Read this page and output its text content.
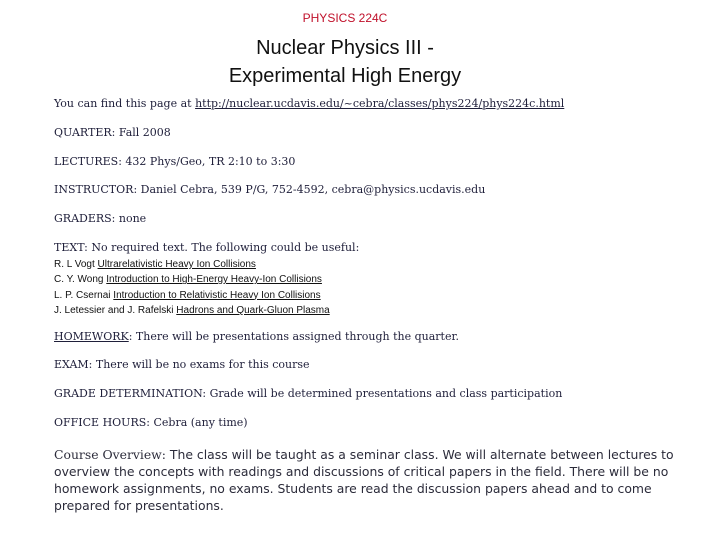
PHYSICS 224C
Nuclear Physics III -
Experimental High Energy
You can find this page at http://nuclear.ucdavis.edu/~cebra/classes/phys224/phys224c.html
QUARTER: Fall 2008
LECTURES: 432 Phys/Geo, TR 2:10 to 3:30
INSTRUCTOR: Daniel Cebra, 539 P/G, 752-4592, cebra@physics.ucdavis.edu
GRADERS: none
TEXT: No required text. The following could be useful:
R. L Vogt Ultrarelativistic Heavy Ion Collisions
C. Y. Wong Introduction to High-Energy Heavy-Ion Collisions
L. P. Csernai Introduction to Relativistic Heavy Ion Collisions
J. Letessier and J. Rafelski Hadrons and Quark-Gluon Plasma
HOMEWORK: There will be presentations assigned through the quarter.
EXAM: There will be no exams for this course
GRADE DETERMINATION: Grade will be determined presentations and class participation
OFFICE HOURS: Cebra (any time)
Course Overview: The class will be taught as a seminar class. We will alternate between lectures to overview the concepts with readings and discussions of critical papers in the field. There will be no homework assignments, no exams. Students are read the discussion papers ahead and to come prepared for presentations.
